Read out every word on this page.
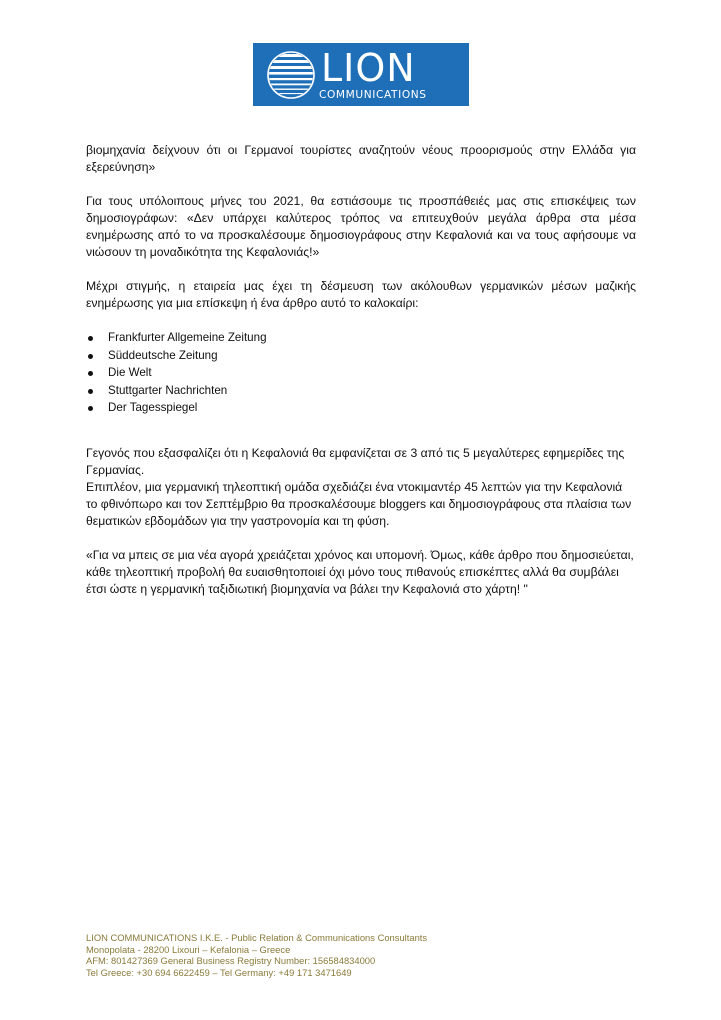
LION
COMMUNICATIONS

βιομηχανία δείχνουν ότι οι Γερμανοί τουρίστες αναζητούν νέους προορισμούς στην Ελλάδα για εξερεύνηση»

Για τους υπόλοιπους μήνες του 2021, θα εστιάσουμε τις προσπάθειές μας στις επισκέψεις των δημοσιογράφων: «Δεν υπάρχει καλύτερος τρόπος να επιτευχθούν μεγάλα άρθρα στα μέσα ενημέρωσης από το να προσκαλέσουμε δημοσιογράφους στην Κεφαλονιά και να τους αφήσουμε να νιώσουν τη μοναδικότητα της Κεφαλονιάς!»

Μέχρι στιγμής, η εταιρεία μας έχει τη δέσμευση των ακόλουθων γερμανικών μέσων μαζικής ενημέρωσης για μια επίσκεψη ή ένα άρθρο αυτό το καλοκαίρι:

Frankfurter Allgemeine Zeitung
Süddeutsche Zeitung
Die Welt
Stuttgarter Nachrichten
Der Tagesspiegel

Γεγονός που εξασφαλίζει ότι η Κεφαλονιά θα εμφανίζεται σε 3 από τις 5 μεγαλύτερες εφημερίδες της Γερμανίας.

Επιπλέον, μια γερμανική τηλεοπτική ομάδα σχεδιάζει ένα ντοκιμαντέρ 45 λεπτών για την Κεφαλονιά το φθινόπωρο και τον Σεπτέμβριο θα προσκαλέσουμε bloggers και δημοσιογράφους στα πλαίσια των θεματικών εβδομάδων για την γαστρονομία και τη φύση.

«Για να μπεις σε μια νέα αγορά χρειάζεται χρόνος και υπομονή. Όμως, κάθε άρθρο που δημοσιεύεται, κάθε τηλεοπτική προβολή θα ευαισθητοποιεί όχι μόνο τους πιθανούς επισκέπτες αλλά θα συμβάλει έτσι ώστε η γερμανική ταξιδιωτική βιομηχανία να βάλει την Κεφαλονιά στο χάρτη! "

LION COMMUNICATIONS I.K.E. - Public Relation & Communications Consultants
Monopolata - 28200 Lixouri – Kefalonia – Greece
AFM: 801427369 General Business Registry Number: 156584834000
Tel Greece: +30 694 6622459 – Tel Germany: +49 171 3471649
